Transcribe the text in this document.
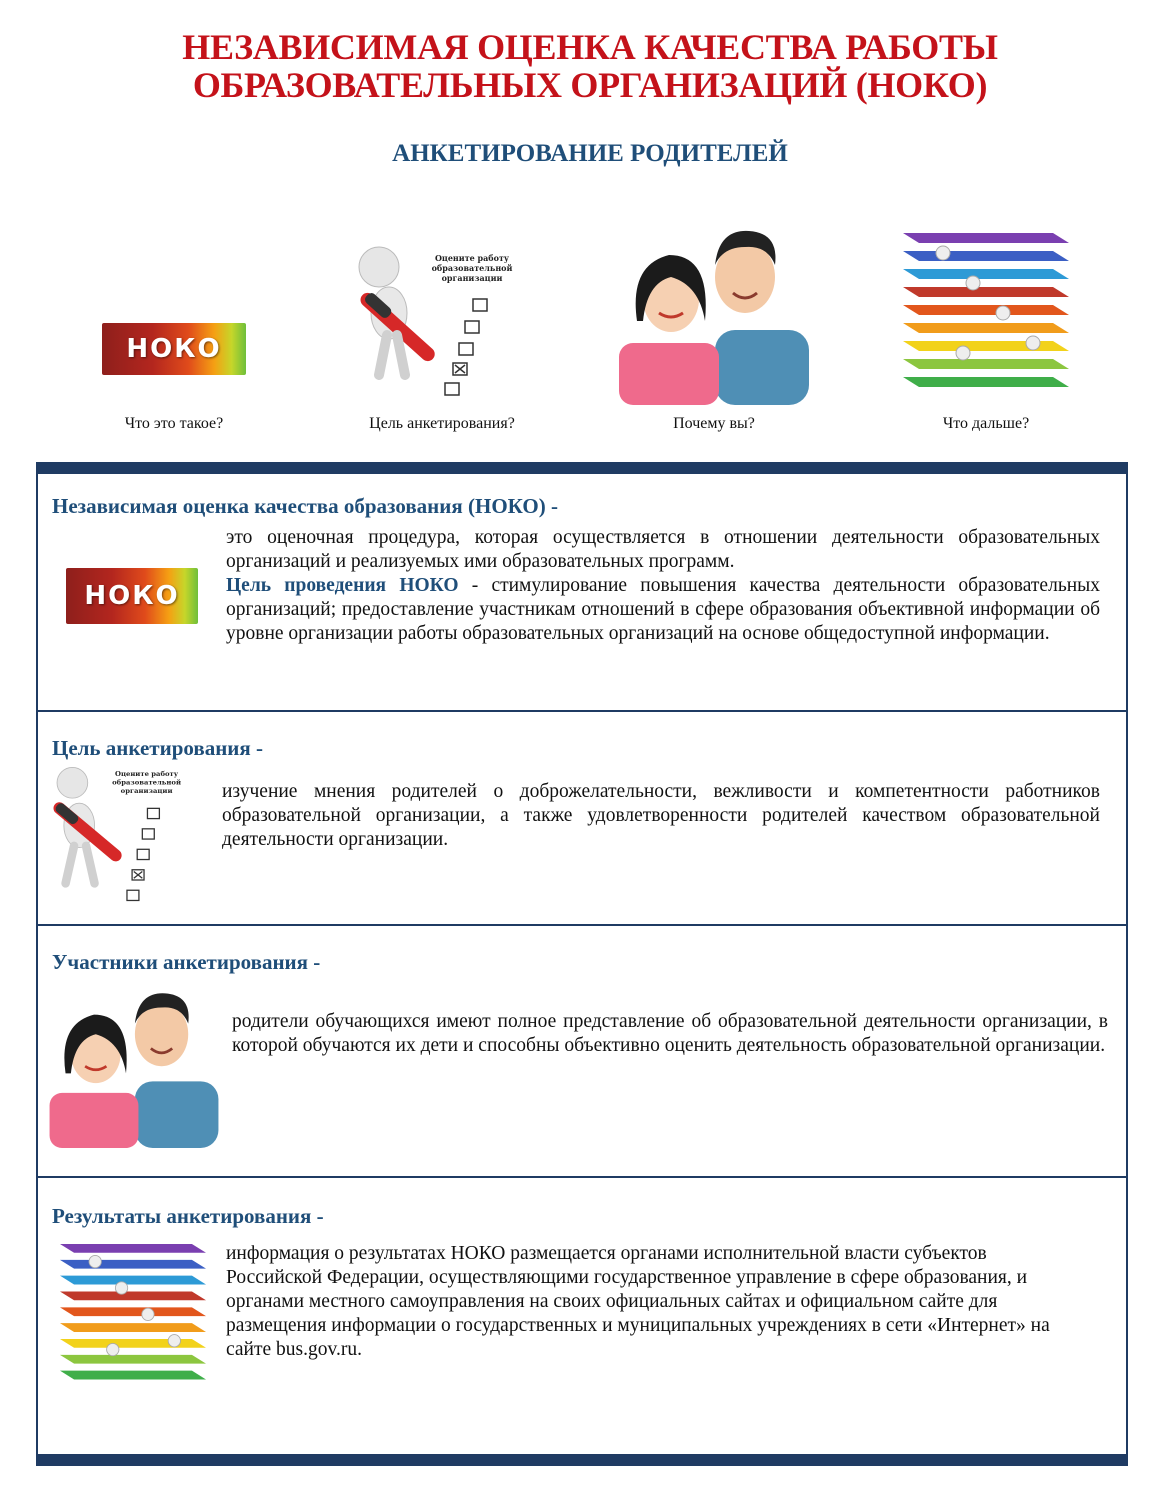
НЕЗАВИСИМАЯ ОЦЕНКА КАЧЕСТВА РАБОТЫ
ОБРАЗОВАТЕЛЬНЫХ ОРГАНИЗАЦИЙ (НОКО)
АНКЕТИРОВАНИЕ РОДИТЕЛЕЙ
НОКО
Что это такое?
Оцените работу
образовательной
организации
Цель анкетирования?	Почему вы?	Что дальше?
Независимая оценка качества образования (НОКО) -
НОКО
это оценочная процедура, которая осуществляется в отношении деятельности образовательных организаций и реализуемых ими образовательных программ.
Цель проведения НОКО - стимулирование повышения качества деятельности образовательных организаций; предоставление участникам отношений в сфере образования объективной информации об уровне организации работы образовательных организаций на основе общедоступной информации.
Цель анкетирования -
Оцените работу
образовательной
организации	изучение мнения родителей о доброжелательности, вежливости и компетентности работников образовательной организации, а также удовлетворенности родителей качеством образовательной деятельности организации.
Участники анкетирования -
родители обучающихся имеют полное представление об образовательной деятельности организации, в которой обучаются их дети и способны объективно оценить деятельность образовательной организации.
Результаты анкетирования -
информация о результатах НОКО размещается органами исполнительной власти субъектов Российской Федерации, осуществляющими государственное управление в сфере образования, и органами местного самоуправления на своих официальных сайтах и официальном сайте для размещения информации о государственных и муниципальных учреждениях в сети «Интернет» на сайте bus.gov.ru.
